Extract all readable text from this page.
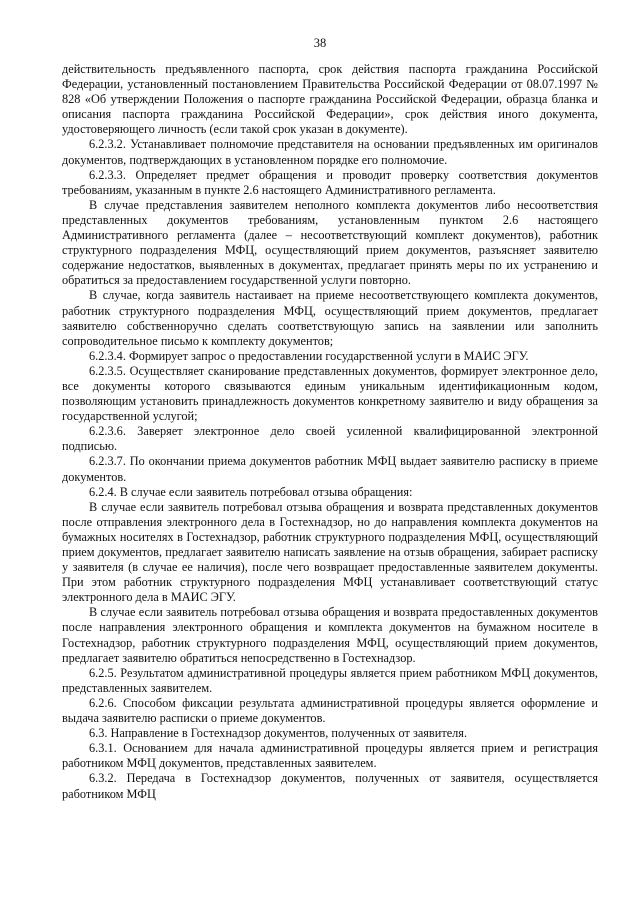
38

действительность предъявленного паспорта, срок действия паспорта гражданина Российской Федерации, установленный постановлением Правительства Российской Федерации от 08.07.1997 № 828 «Об утверждении Положения о паспорте гражданина Российской Федерации, образца бланка и описания паспорта гражданина Российской Федерации», срок действия иного документа, удостоверяющего личность (если такой срок указан в документе).

6.2.3.2. Устанавливает полномочие представителя на основании предъявленных им оригиналов документов, подтверждающих в установленном порядке его полномочие.

6.2.3.3. Определяет предмет обращения и проводит проверку соответствия документов требованиям, указанным в пункте 2.6 настоящего Административного регламента.

В случае представления заявителем неполного комплекта документов либо несоответствия представленных документов требованиям, установленным пунктом 2.6 настоящего Административного регламента (далее – несоответствующий комплект документов), работник структурного подразделения МФЦ, осуществляющий прием документов, разъясняет заявителю содержание недостатков, выявленных в документах, предлагает принять меры по их устранению и обратиться за предоставлением государственной услуги повторно.

В случае, когда заявитель настаивает на приеме несоответствующего комплекта документов, работник структурного подразделения МФЦ, осуществляющий прием документов, предлагает заявителю собственноручно сделать соответствующую запись на заявлении или заполнить сопроводительное письмо к комплекту документов;

6.2.3.4. Формирует запрос о предоставлении государственной услуги в МАИС ЭГУ.

6.2.3.5. Осуществляет сканирование представленных документов, формирует электронное дело, все документы которого связываются единым уникальным идентификационным кодом, позволяющим установить принадлежность документов конкретному заявителю и виду обращения за государственной услугой;

6.2.3.6. Заверяет электронное дело своей усиленной квалифицированной электронной подписью.

6.2.3.7. По окончании приема документов работник МФЦ выдает заявителю расписку в приеме документов.

6.2.4. В случае если заявитель потребовал отзыва обращения:

В случае если заявитель потребовал отзыва обращения и возврата представленных документов после отправления электронного дела в Гостехнадзор, но до направления комплекта документов на бумажных носителях в Гостехнадзор, работник структурного подразделения МФЦ, осуществляющий прием документов, предлагает заявителю написать заявление на отзыв обращения, забирает расписку у заявителя (в случае ее наличия), после чего возвращает предоставленные заявителем документы. При этом работник структурного подразделения МФЦ устанавливает соответствующий статус электронного дела в МАИС ЭГУ.

В случае если заявитель потребовал отзыва обращения и возврата предоставленных документов после направления электронного обращения и комплекта документов на бумажном носителе в Гостехнадзор, работник структурного подразделения МФЦ, осуществляющий прием документов, предлагает заявителю обратиться непосредственно в Гостехнадзор.

6.2.5. Результатом административной процедуры является прием работником МФЦ документов, представленных заявителем.

6.2.6. Способом фиксации результата административной процедуры является оформление и выдача заявителю расписки о приеме документов.

6.3. Направление в Гостехнадзор документов, полученных от заявителя.

6.3.1. Основанием для начала административной процедуры является прием и регистрация работником МФЦ документов, представленных заявителем.

6.3.2. Передача в Гостехнадзор документов, полученных от заявителя, осуществляется работником МФЦ
